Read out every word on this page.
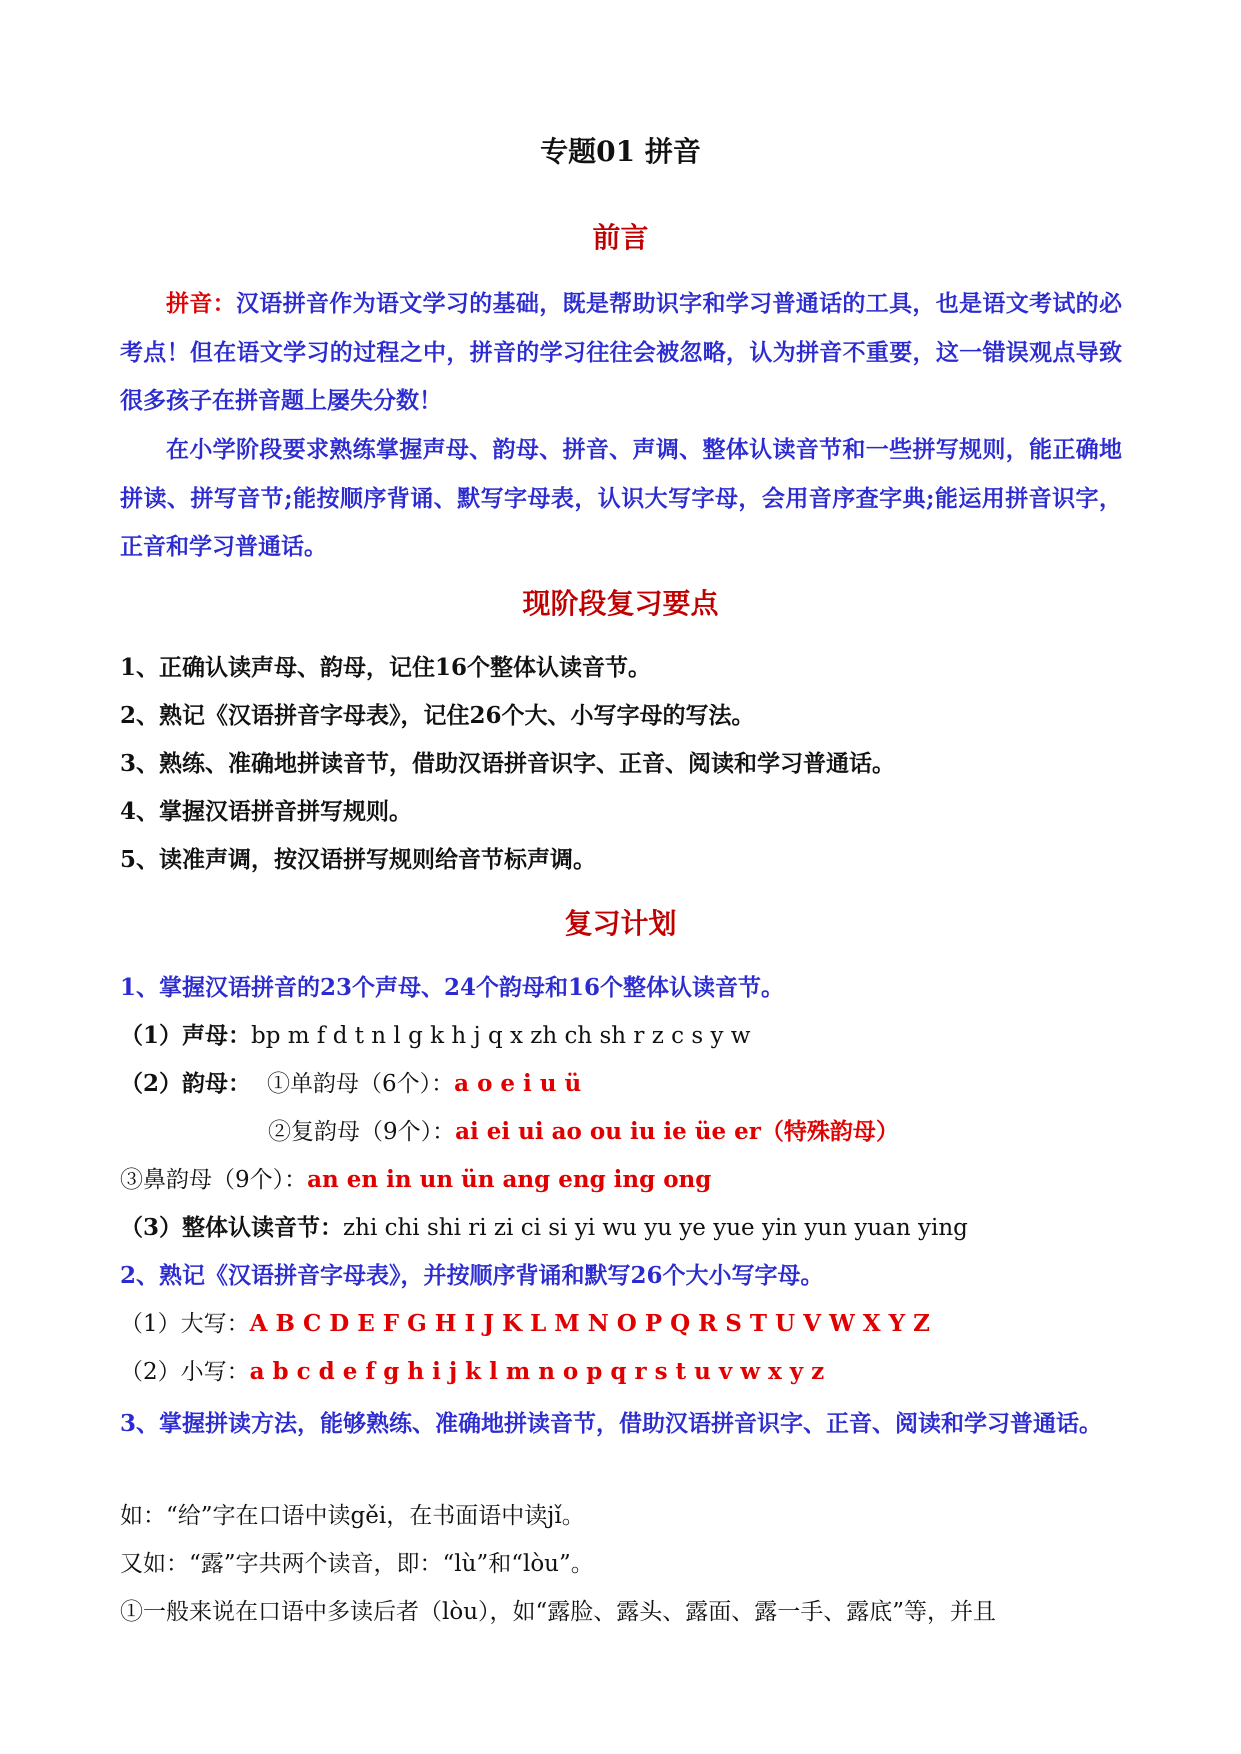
专题01 拼音
前言
拼音：汉语拼音作为语文学习的基础，既是帮助识字和学习普通话的工具，也是语文考试的必考点！但在语文学习的过程之中，拼音的学习往往会被忽略，认为拼音不重要，这一错误观点导致很多孩子在拼音题上屡失分数！
在小学阶段要求熟练掌握声母、韵母、拼音、声调、整体认读音节和一些拼写规则，能正确地拼读、拼写音节;能按顺序背诵、默写字母表，认识大写字母，会用音序查字典;能运用拼音识字，正音和学习普通话。
现阶段复习要点
1、正确认读声母、韵母，记住16个整体认读音节。
2、熟记《汉语拼音字母表》，记住26个大、小写字母的写法。
3、熟练、准确地拼读音节，借助汉语拼音识字、正音、阅读和学习普通话。
4、掌握汉语拼音拼写规则。
5、读准声调，按汉语拼写规则给音节标声调。
复习计划
1、掌握汉语拼音的23个声母、24个韵母和16个整体认读音节。
（1）声母：bp m f d t n l g k h j q x zh ch sh r z c s y w
（2）韵母： ①单韵母（6个）：a o e i u ü
②复韵母（9个）：ai ei ui ao ou iu ie üe er（特殊韵母）
③鼻韵母（9个）：an en in un ün ang eng ing ong
（3）整体认读音节：zhi chi shi ri zi ci si yi wu yu ye yue yin yun yuan ying
2、熟记《汉语拼音字母表》，并按顺序背诵和默写26个大小写字母。
（1）大写：A B C D E F G H I J K L M N O P Q R S T U V W X Y Z
（2）小写：a b c d e f g h i j k l m n o p q r s t u v w x y z
3、掌握拼读方法，能够熟练、准确地拼读音节，借助汉语拼音识字、正音、阅读和学习普通话。
如：“给”字在口语中读gěi，在书面语中读jǐ。
又如：“露”字共两个读音，即：“lù”和“lòu”。
①一般来说在口语中多读后者（lòu），如“露脸、露头、露面、露一手、露底”等，并且
